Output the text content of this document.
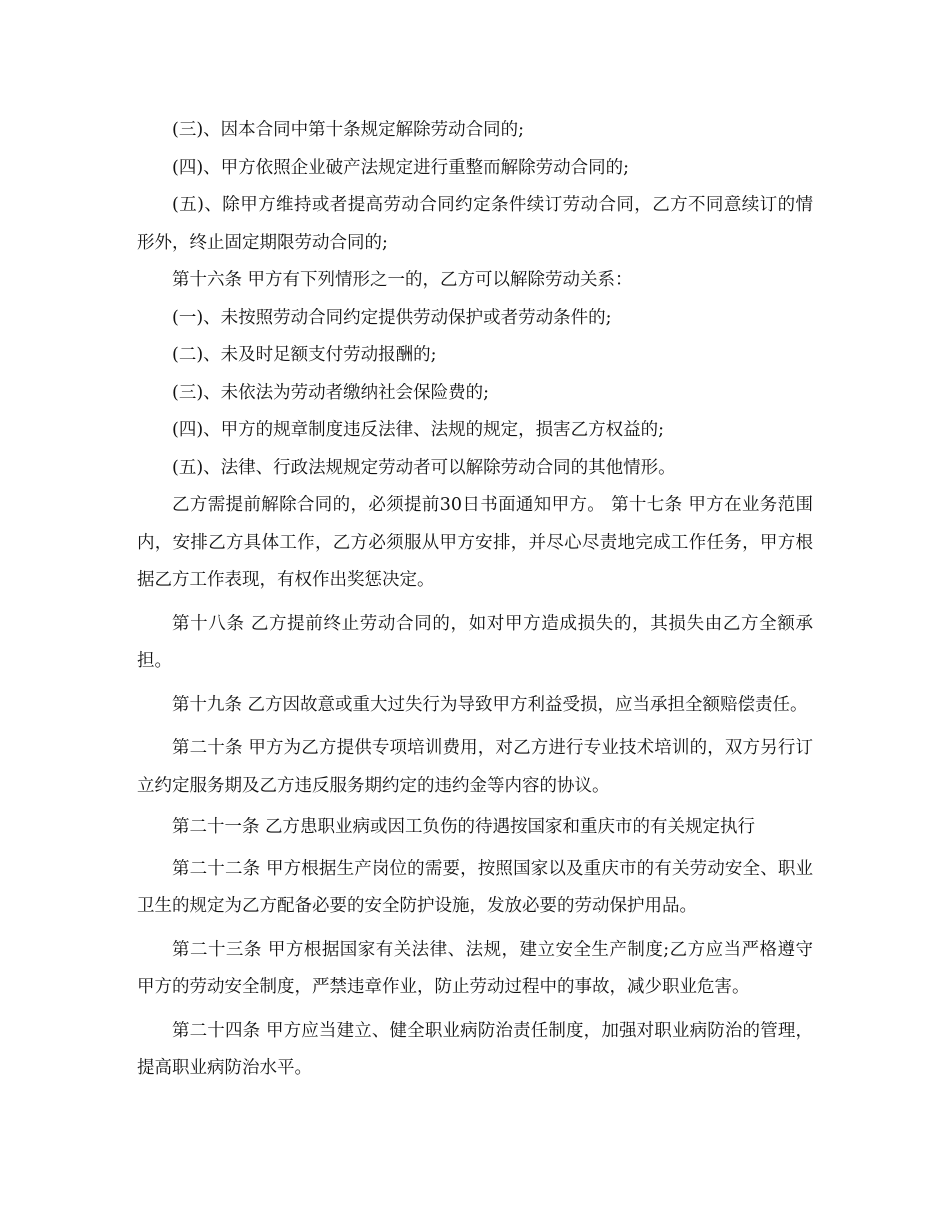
(三)、因本合同中第十条规定解除劳动合同的;

(四)、甲方依照企业破产法规定进行重整而解除劳动合同的;

(五)、除甲方维持或者提高劳动合同约定条件续订劳动合同，乙方不同意续订的情形外，终止固定期限劳动合同的;

第十六条 甲方有下列情形之一的，乙方可以解除劳动关系：

(一)、未按照劳动合同约定提供劳动保护或者劳动条件的;

(二)、未及时足额支付劳动报酬的;

(三)、未依法为劳动者缴纳社会保险费的;

(四)、甲方的规章制度违反法律、法规的规定，损害乙方权益的;

(五)、法律、行政法规规定劳动者可以解除劳动合同的其他情形。

乙方需提前解除合同的，必须提前30日书面通知甲方。 第十七条 甲方在业务范围内，安排乙方具体工作，乙方必须服从甲方安排，并尽心尽责地完成工作任务，甲方根据乙方工作表现，有权作出奖惩决定。

第十八条 乙方提前终止劳动合同的，如对甲方造成损失的，其损失由乙方全额承担。

第十九条 乙方因故意或重大过失行为导致甲方利益受损，应当承担全额赔偿责任。

第二十条 甲方为乙方提供专项培训费用，对乙方进行专业技术培训的，双方另行订立约定服务期及乙方违反服务期约定的违约金等内容的协议。

第二十一条 乙方患职业病或因工负伤的待遇按国家和重庆市的有关规定执行

第二十二条 甲方根据生产岗位的需要，按照国家以及重庆市的有关劳动安全、职业卫生的规定为乙方配备必要的安全防护设施，发放必要的劳动保护用品。

第二十三条 甲方根据国家有关法律、法规，建立安全生产制度;乙方应当严格遵守甲方的劳动安全制度，严禁违章作业，防止劳动过程中的事故，减少职业危害。

第二十四条 甲方应当建立、健全职业病防治责任制度，加强对职业病防治的管理，提高职业病防治水平。
